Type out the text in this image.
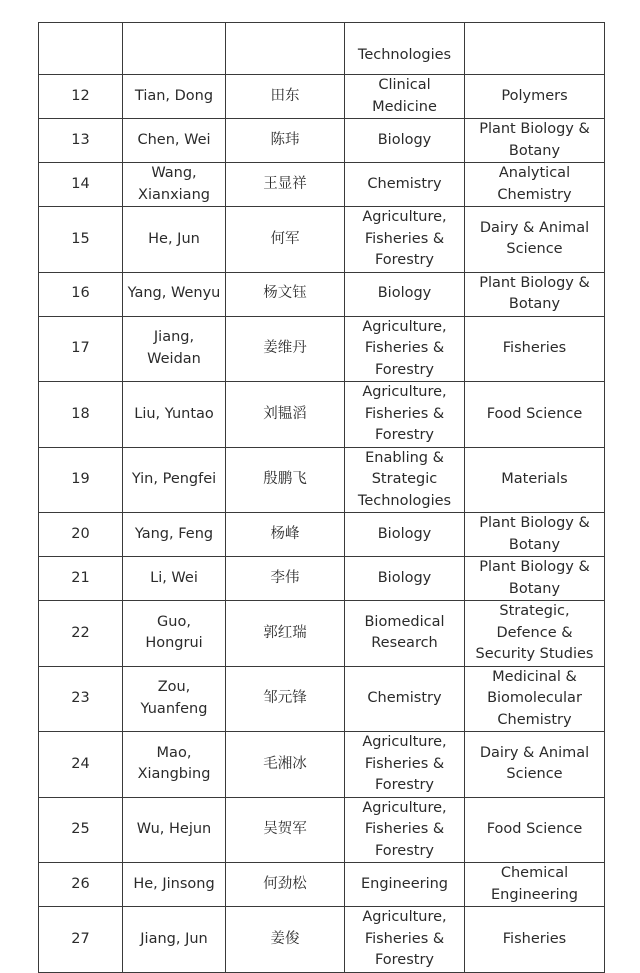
			Technologies	
12	Tian, Dong	田东	Clinical Medicine	Polymers
13	Chen, Wei	陈玮	Biology	Plant Biology & Botany
14	Wang, Xianxiang	王显祥	Chemistry	Analytical Chemistry
15	He, Jun	何军	Agriculture, Fisheries & Forestry	Dairy & Animal Science
16	Yang, Wenyu	杨文钰	Biology	Plant Biology & Botany
17	Jiang, Weidan	姜维丹	Agriculture, Fisheries & Forestry	Fisheries
18	Liu, Yuntao	刘韫滔	Agriculture, Fisheries & Forestry	Food Science
19	Yin, Pengfei	殷鹏飞	Enabling & Strategic Technologies	Materials
20	Yang, Feng	杨峰	Biology	Plant Biology & Botany
21	Li, Wei	李伟	Biology	Plant Biology & Botany
22	Guo, Hongrui	郭红瑞	Biomedical Research	Strategic, Defence & Security Studies
23	Zou, Yuanfeng	邹元锋	Chemistry	Medicinal & Biomolecular Chemistry
24	Mao, Xiangbing	毛湘冰	Agriculture, Fisheries & Forestry	Dairy & Animal Science
25	Wu, Hejun	吴贺军	Agriculture, Fisheries & Forestry	Food Science
26	He, Jinsong	何劲松	Engineering	Chemical Engineering
27	Jiang, Jun	姜俊	Agriculture, Fisheries & Forestry	Fisheries
